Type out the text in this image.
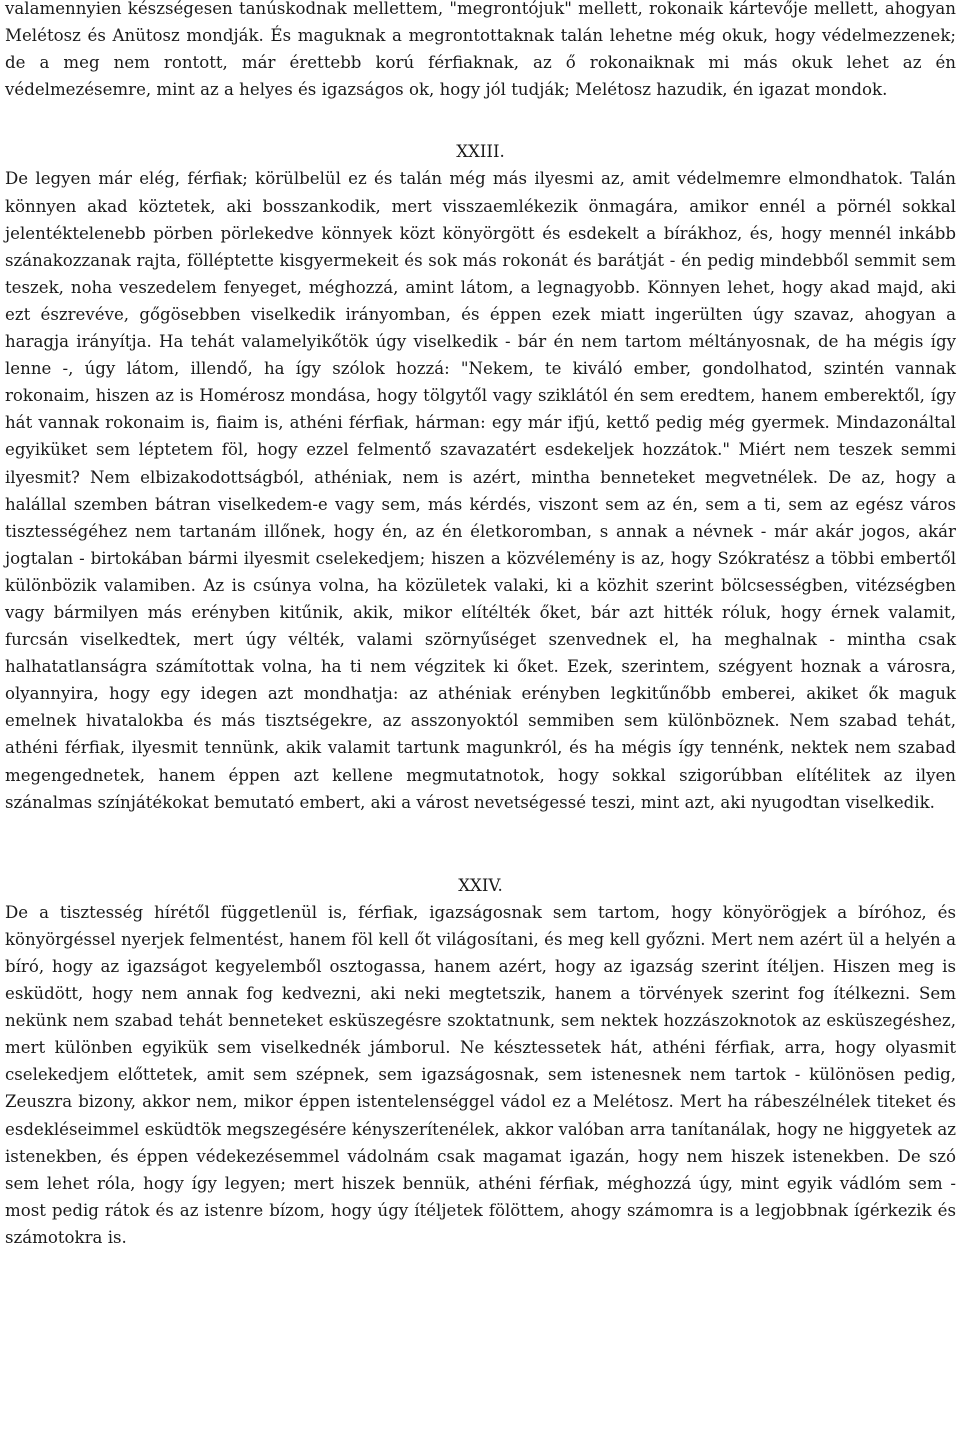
valamennyien készségesen tanúskodnak mellettem, "megrontójuk" mellett, rokonaik kártevője mellett, ahogyan Melétosz és Anütosz mondják. És maguknak a megrontottaknak talán lehetne még okuk, hogy védelmezzenek; de a meg nem rontott, már érettebb korú férfiaknak, az ő rokonaiknak mi más okuk lehet az én védelmezésemre, mint az a helyes és igazságos ok, hogy jól tudják; Melétosz hazudik, én igazat mondok.

XXIII.

De legyen már elég, férfiak; körülbelül ez és talán még más ilyesmi az, amit védelmemre elmondhatok. Talán könnyen akad köztetek, aki bosszankodik, mert visszaemlékezik önmagára, amikor ennél a pörnél sokkal jelentéktelenebb pörben pörlekedve könnyek közt könyörgött és esdekelt a bírákhoz, és, hogy mennél inkább szánakozzanak rajta, fölléptette kisgyermekeit és sok más rokonát és barátját - én pedig mindebből semmit sem teszek, noha veszedelem fenyeget, méghozzá, amint látom, a legnagyobb. Könnyen lehet, hogy akad majd, aki ezt észrevéve, gőgösebben viselkedik irányomban, és éppen ezek miatt ingerülten úgy szavaz, ahogyan a haragja irányítja. Ha tehát valamelyikőtök úgy viselkedik - bár én nem tartom méltányosnak, de ha mégis így lenne -, úgy látom, illendő, ha így szólok hozzá: "Nekem, te kiváló ember, gondolhatod, szintén vannak rokonaim, hiszen az is Homérosz mondása, hogy tölgytől vagy sziklától én sem eredtem, hanem emberektől, így hát vannak rokonaim is, fiaim is, athéni férfiak, hárman: egy már ifjú, kettő pedig még gyermek. Mindazonáltal egyiküket sem léptetem föl, hogy ezzel felmentő szavazatért esdekeljek hozzátok." Miért nem teszek semmi ilyesmit? Nem elbizakodottságból, athéniak, nem is azért, mintha benneteket megvetnélek. De az, hogy a halállal szemben bátran viselkedem-e vagy sem, más kérdés, viszont sem az én, sem a ti, sem az egész város tisztességéhez nem tartanám illőnek, hogy én, az én életkoromban, s annak a névnek - már akár jogos, akár jogtalan - birtokában bármi ilyesmit cselekedjem; hiszen a közvélemény is az, hogy Szókratész a többi embertől különbözik valamiben. Az is csúnya volna, ha közületek valaki, ki a közhit szerint bölcsességben, vitézségben vagy bármilyen más erényben kitűnik, akik, mikor elítélték őket, bár azt hitték róluk, hogy érnek valamit, furcsán viselkedtek, mert úgy vélték, valami szörnyűséget szenvednek el, ha meghalnak - mintha csak halhatatlanságra számítottak volna, ha ti nem végzitek ki őket. Ezek, szerintem, szégyent hoznak a városra, olyannyira, hogy egy idegen azt mondhatja: az athéniak erényben legkitűnőbb emberei, akiket ők maguk emelnek hivatalokba és más tisztségekre, az asszonyoktól semmiben sem különböznek. Nem szabad tehát, athéni férfiak, ilyesmit tennünk, akik valamit tartunk magunkról, és ha mégis így tennénk, nektek nem szabad megengednetek, hanem éppen azt kellene megmutatnotok, hogy sokkal szigorúbban elítélitek az ilyen szánalmas színjátékokat bemutató embert, aki a várost nevetségessé teszi, mint azt, aki nyugodtan viselkedik.

XXIV.

De a tisztesség hírétől függetlenül is, férfiak, igazságosnak sem tartom, hogy könyörögjek a bíróhoz, és könyörgéssel nyerjek felmentést, hanem föl kell őt világosítani, és meg kell győzni. Mert nem azért ül a helyén a bíró, hogy az igazságot kegyelemből osztogassa, hanem azért, hogy az igazság szerint ítéljen. Hiszen meg is esküdött, hogy nem annak fog kedvezni, aki neki megtetszik, hanem a törvények szerint fog ítélkezni. Sem nekünk nem szabad tehát benneteket esküszegésre szoktatnunk, sem nektek hozzászoknotok az esküszegéshez, mert különben egyikük sem viselkednék jámborul. Ne késztessetek hát, athéni férfiak, arra, hogy olyasmit cselekedjem előttetek, amit sem szépnek, sem igazságosnak, sem istenesnek nem tartok - különösen pedig, Zeuszra bizony, akkor nem, mikor éppen istentelenséggel vádol ez a Melétosz. Mert ha rábeszélnélek titeket és esdekléseimmel esküdtök megszegésére kényszerítenélek, akkor valóban arra tanítanálak, hogy ne higgyetek az istenekben, és éppen védekezésemmel vádolnám csak magamat igazán, hogy nem hiszek istenekben. De szó sem lehet róla, hogy így legyen; mert hiszek bennük, athéni férfiak, méghozzá úgy, mint egyik vádlóm sem - most pedig rátok és az istenre bízom, hogy úgy ítéljetek fölöttem, ahogy számomra is a legjobbnak ígérkezik és számotokra is.
